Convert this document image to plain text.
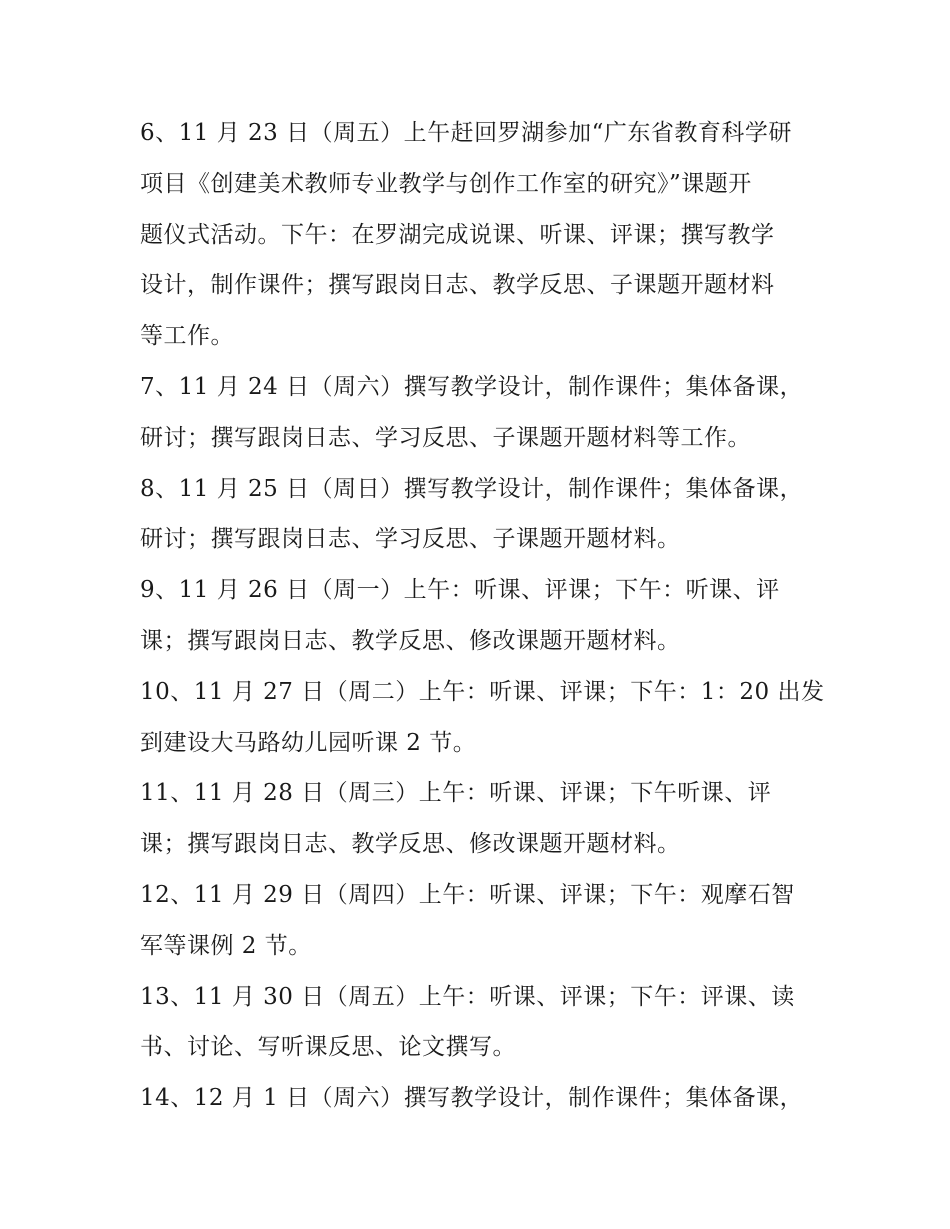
6、11 月 23 日（周五）上午赶回罗湖参加“广东省教育科学研
项目《创建美术教师专业教学与创作工作室的研究》”课题开
题仪式活动。下午：在罗湖完成说课、听课、评课；撰写教学
设计，制作课件；撰写跟岗日志、教学反思、子课题开题材料
等工作。
7、11 月 24 日（周六）撰写教学设计，制作课件；集体备课，
研讨；撰写跟岗日志、学习反思、子课题开题材料等工作。
8、11 月 25 日（周日）撰写教学设计，制作课件；集体备课，
研讨；撰写跟岗日志、学习反思、子课题开题材料。
9、11 月 26 日（周一）上午：听课、评课；下午：听课、评
课；撰写跟岗日志、教学反思、修改课题开题材料。
10、11 月 27 日（周二）上午：听课、评课；下午：1：20 出发
到建设大马路幼儿园听课 2 节。
11、11 月 28 日（周三）上午：听课、评课；下午听课、评
课；撰写跟岗日志、教学反思、修改课题开题材料。
12、11 月 29 日（周四）上午：听课、评课；下午：观摩石智
军等课例 2 节。
13、11 月 30 日（周五）上午：听课、评课；下午：评课、读
书、讨论、写听课反思、论文撰写。
14、12 月 1 日（周六）撰写教学设计，制作课件；集体备课，
